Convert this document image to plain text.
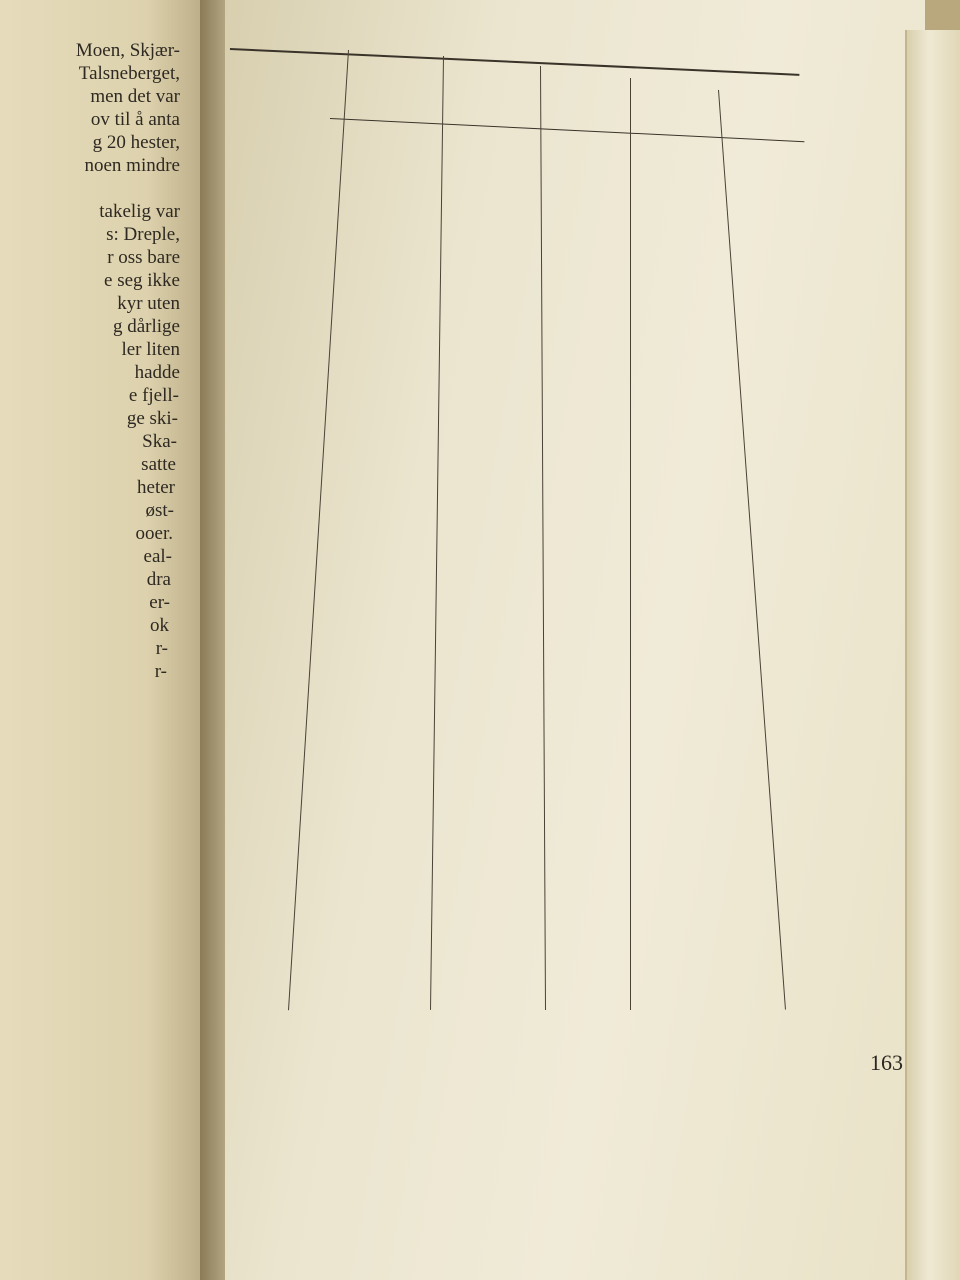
Moen, Skjær-
Talsneberget,
men det var
ov til å anta
g 20 hester,
noen mindre
takelig var
s: Dreple,
r oss bare
e seg ikke
kyr uten
g dårlige
ler liten
hadde
e fjell-
ge ski-
Ska-
satte
heter
øst-
ooer.
eal-
dra
er-
ok
r-
r-
163
